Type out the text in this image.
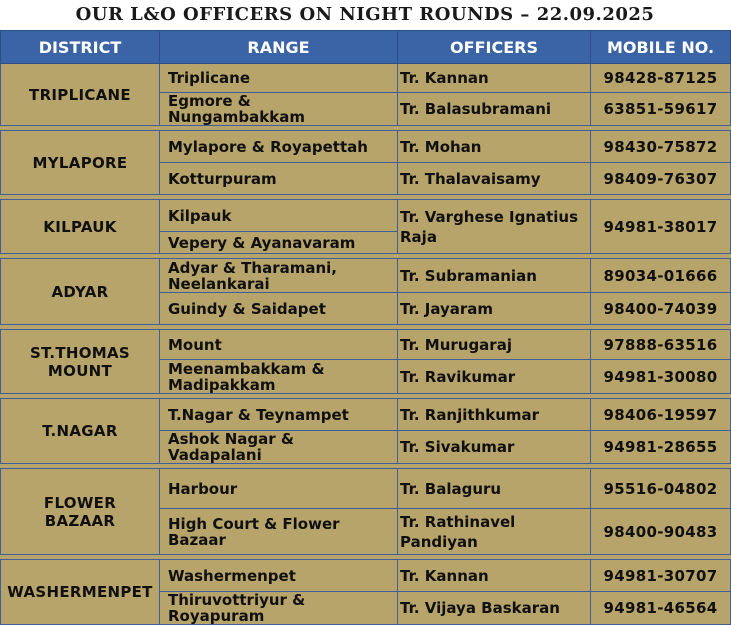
OUR L&O OFFICERS ON NIGHT ROUNDS – 22.09.2025
DISTRICT	RANGE	OFFICERS	MOBILE NO.
TRIPLICANE	Triplicane	Tr. Kannan	98428-87125
	Egmore & Nungambakkam	Tr. Balasubramani	63851-59617

MYLAPORE	Mylapore & Royapettah	Tr. Mohan	98430-75872
	Kotturpuram	Tr. Thalavaisamy	98409-76307

KILPAUK	Kilpauk	Tr. Varghese Ignatius Raja	94981-38017
	Vepery & Ayanavaram		

ADYAR	Adyar & Tharamani, Neelankarai	Tr. Subramanian	89034-01666
	Guindy & Saidapet	Tr. Jayaram	98400-74039

ST.THOMAS MOUNT	Mount	Tr. Murugaraj	97888-63516
	Meenambakkam & Madipakkam	Tr. Ravikumar	94981-30080

T.NAGAR	T.Nagar & Teynampet	Tr. Ranjithkumar	98406-19597
	Ashok Nagar & Vadapalani	Tr. Sivakumar	94981-28655

FLOWER BAZAAR	Harbour	Tr. Balaguru	95516-04802
	High Court & Flower Bazaar	Tr. Rathinavel Pandiyan	98400-90483

WASHERMENPET	Washermenpet	Tr. Kannan	94981-30707
	Thiruvottriyur & Royapuram	Tr. Vijaya Baskaran	94981-46564
